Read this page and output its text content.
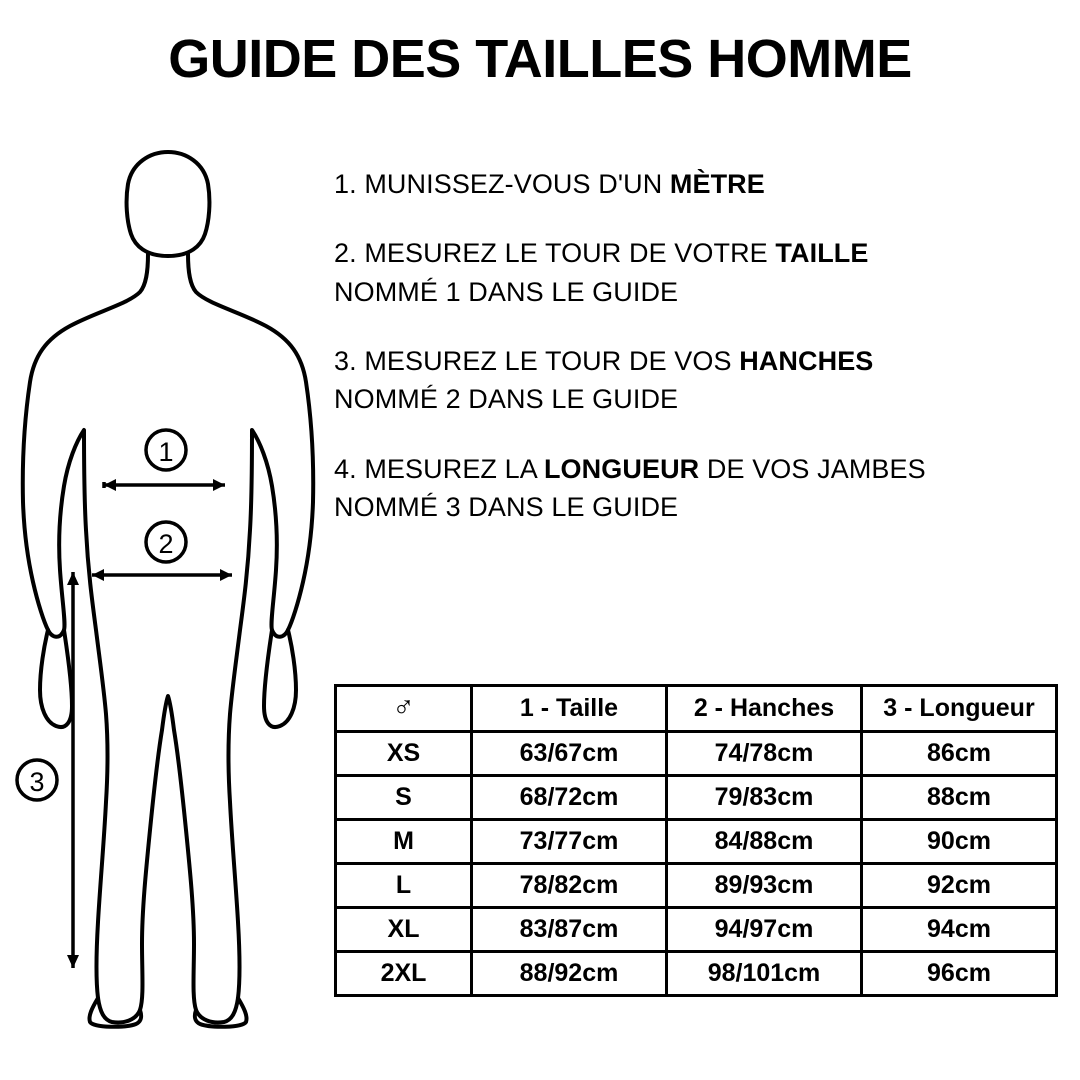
GUIDE DES TAILLES HOMME
1
2
3
1. MUNISSEZ-VOUS D'UN MÈTRE
2. MESUREZ LE TOUR DE VOTRE TAILLE
NOMMÉ 1 DANS LE GUIDE
3. MESUREZ LE TOUR DE VOS HANCHES
NOMMÉ 2 DANS LE GUIDE
4. MESUREZ LA LONGUEUR DE VOS JAMBES
NOMMÉ 3 DANS LE GUIDE
♂	1 - Taille	2 - Hanches	3 - Longueur
XS	63/67cm	74/78cm	86cm
S	68/72cm	79/83cm	88cm
M	73/77cm	84/88cm	90cm
L	78/82cm	89/93cm	92cm
XL	83/87cm	94/97cm	94cm
2XL	88/92cm	98/101cm	96cm
